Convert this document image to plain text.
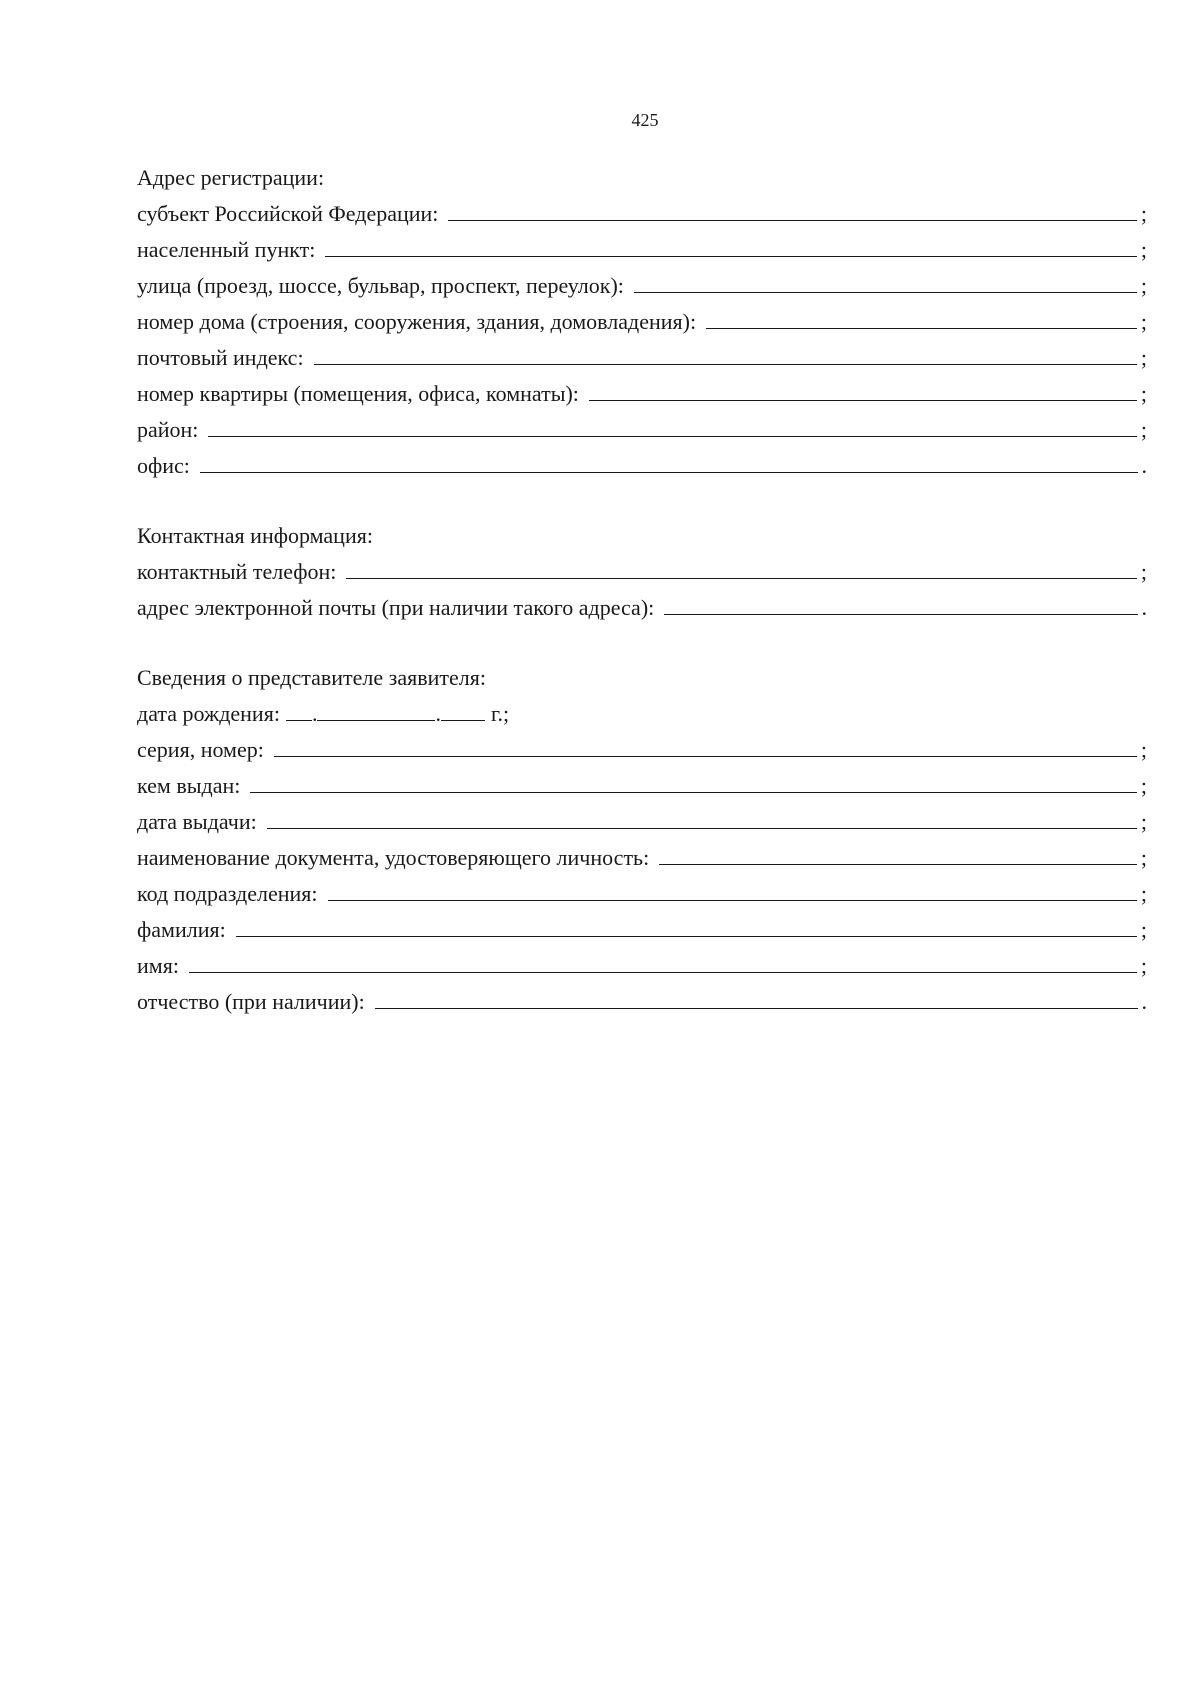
425
Адрес регистрации:
субъект Российской Федерации:	;
населенный пункт:	;
улица (проезд, шоссе, бульвар, проспект, переулок):	;
номер дома (строения, сооружения, здания, домовладения):	;
почтовый индекс:	;
номер квартиры (помещения, офиса, комнаты):	;
район:	;
офис:	.
Контактная информация:
контактный телефон:	;
адрес электронной почты (при наличии такого адреса):	.
Сведения о представителе заявителя:
дата рождения: .	. г.;
серия, номер:	;
кем выдан:	;
дата выдачи:	;
наименование документа, удостоверяющего личность:	;
код подразделения:	;
фамилия:	;
имя:	;
отчество (при наличии):	.
